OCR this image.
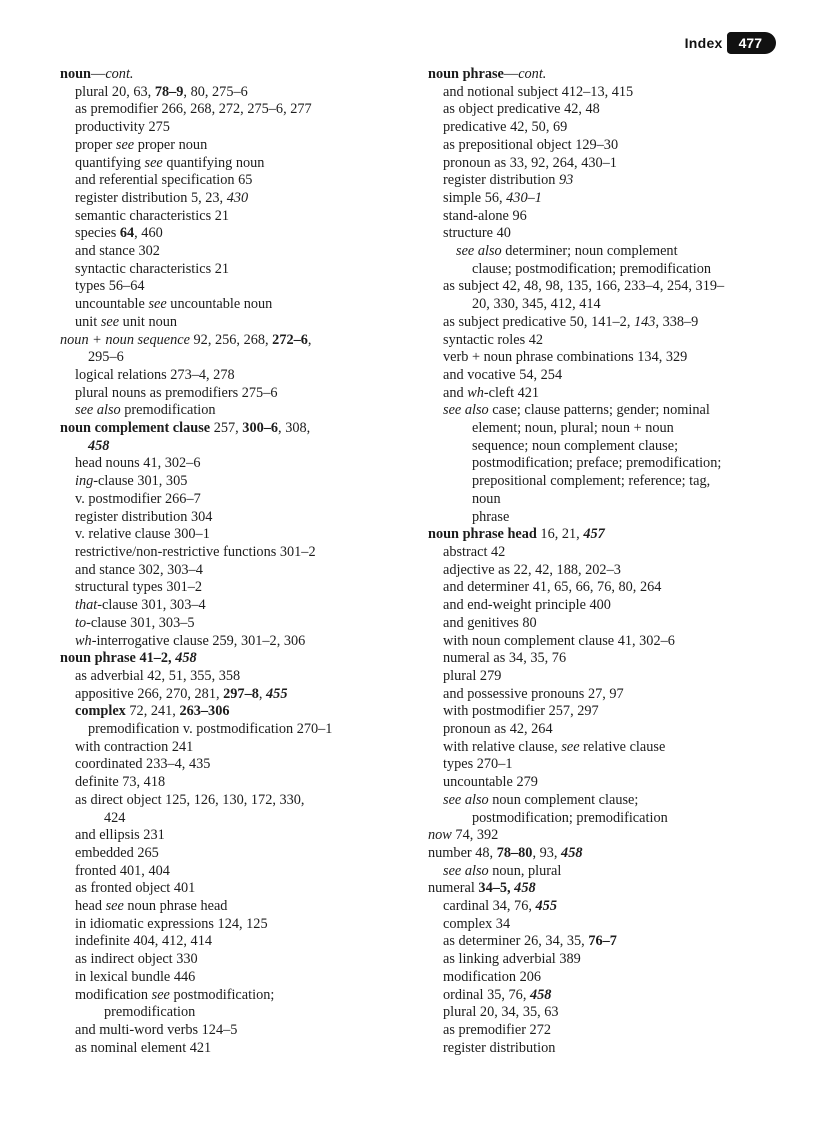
Index	477
noun—cont.
plural 20, 63, 78–9, 80, 275–6
as premodifier 266, 268, 272, 275–6, 277
productivity 275
proper see proper noun
quantifying see quantifying noun
and referential specification 65
register distribution 5, 23, 430
semantic characteristics 21
species 64, 460
and stance 302
syntactic characteristics 21
types 56–64
uncountable see uncountable noun
unit see unit noun
noun + noun sequence 92, 256, 268, 272–6,
295–6
logical relations 273–4, 278
plural nouns as premodifiers 275–6
see also premodification
noun complement clause 257, 300–6, 308,
458
head nouns 41, 302–6
ing-clause 301, 305
v. postmodifier 266–7
register distribution 304
v. relative clause 300–1
restrictive/non-restrictive functions 301–2
and stance 302, 303–4
structural types 301–2
that-clause 301, 303–4
to-clause 301, 303–5
wh-interrogative clause 259, 301–2, 306
noun phrase 41–2, 458
as adverbial 42, 51, 355, 358
appositive 266, 270, 281, 297–8, 455
complex 72, 241, 263–306
premodification v. postmodification 270–1
with contraction 241
coordinated 233–4, 435
definite 73, 418
as direct object 125, 126, 130, 172, 330,
424
and ellipsis 231
embedded 265
fronted 401, 404
as fronted object 401
head see noun phrase head
in idiomatic expressions 124, 125
indefinite 404, 412, 414
as indirect object 330
in lexical bundle 446
modification see postmodification;
premodification
and multi-word verbs 124–5
as nominal element 421
noun phrase—cont.
and notional subject 412–13, 415
as object predicative 42, 48
predicative 42, 50, 69
as prepositional object 129–30
pronoun as 33, 92, 264, 430–1
register distribution 93
simple 56, 430–1
stand-alone 96
structure 40
see also determiner; noun complement
clause; postmodification; premodification
as subject 42, 48, 98, 135, 166, 233–4, 254, 319–
20, 330, 345, 412, 414
as subject predicative 50, 141–2, 143, 338–9
syntactic roles 42
verb + noun phrase combinations 134, 329
and vocative 54, 254
and wh-cleft 421
see also case; clause patterns; gender; nominal
element; noun, plural; noun + noun
sequence; noun complement clause;
postmodification; preface; premodification;
prepositional complement; reference; tag,
noun
phrase
noun phrase head 16, 21, 457
abstract 42
adjective as 22, 42, 188, 202–3
and determiner 41, 65, 66, 76, 80, 264
and end-weight principle 400
and genitives 80
with noun complement clause 41, 302–6
numeral as 34, 35, 76
plural 279
and possessive pronouns 27, 97
with postmodifier 257, 297
pronoun as 42, 264
with relative clause, see relative clause
types 270–1
uncountable 279
see also noun complement clause;
postmodification; premodification
now 74, 392
number 48, 78–80, 93, 458
see also noun, plural
numeral 34–5, 458
cardinal 34, 76, 455
complex 34
as determiner 26, 34, 35, 76–7
as linking adverbial 389
modification 206
ordinal 35, 76, 458
plural 20, 34, 35, 63
as premodifier 272
register distribution
